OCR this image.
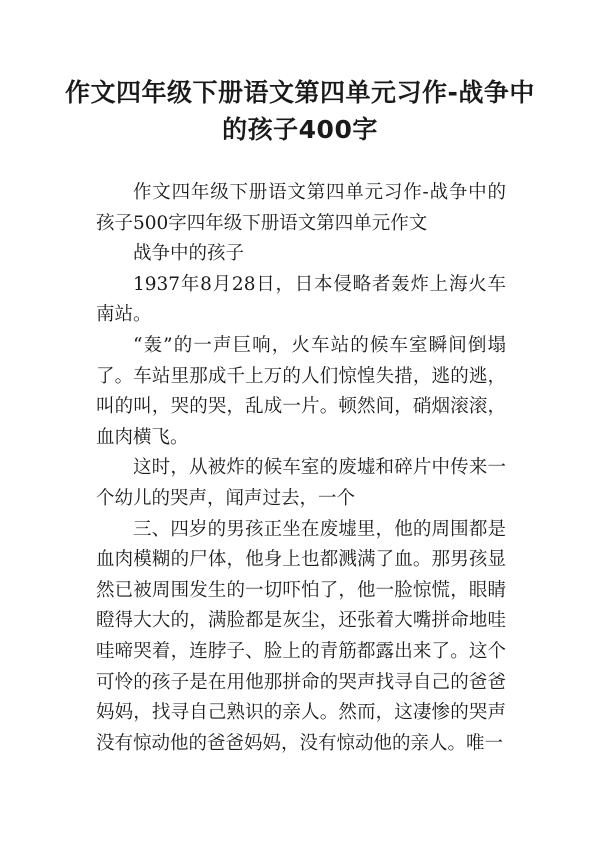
作文四年级下册语文第四单元习作-战争中的孩子400字

作文四年级下册语文第四单元习作-战争中的孩子500字四年级下册语文第四单元作文

战争中的孩子

1937年8月28日，日本侵略者轰炸上海火车南站。

“轰”的一声巨响，火车站的候车室瞬间倒塌了。车站里那成千上万的人们惊惶失措，逃的逃，叫的叫，哭的哭，乱成一片。顿然间，硝烟滚滚，血肉横飞。

这时，从被炸的候车室的废墟和碎片中传来一个幼儿的哭声，闻声过去，一个

三、四岁的男孩正坐在废墟里，他的周围都是血肉模糊的尸体，他身上也都溅满了血。那男孩显然已被周围发生的一切吓怕了，他一脸惊慌，眼睛瞪得大大的，满脸都是灰尘，还张着大嘴拼命地哇哇啼哭着，连脖子、脸上的青筋都露出来了。这个可怜的孩子是在用他那拼命的哭声找寻自己的爸爸妈妈，找寻自己熟识的亲人。然而，这凄惨的哭声没有惊动他的爸爸妈妈，没有惊动他的亲人。唯一
